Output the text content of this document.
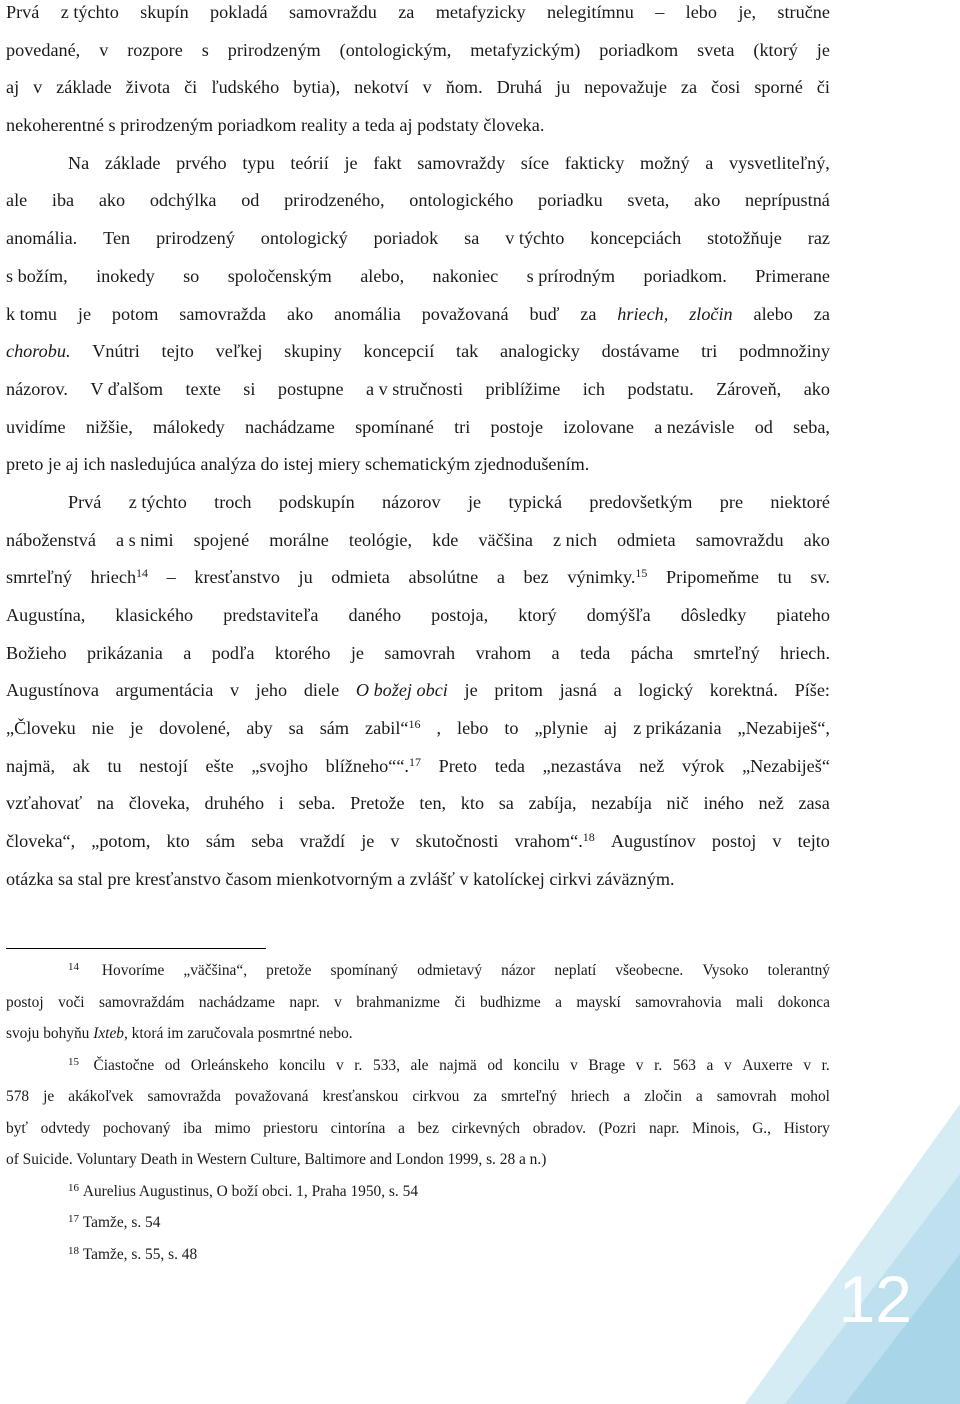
Prvá z týchto skupín pokladá samovraždu za metafyzicky nelegitímnu – lebo je, stručne
povedané, v rozpore s prirodzeným (ontologickým, metafyzickým) poriadkom sveta (ktorý je
aj v základe života či ľudského bytia), nekotví v ňom. Druhá ju nepovažuje za čosi sporné či
nekoherentné s prirodzeným poriadkom reality a teda aj podstaty človeka.
Na základe prvého typu teórií je fakt samovraždy síce fakticky možný a vysvetliteľný,
ale iba ako odchýlka od prirodzeného, ontologického poriadku sveta, ako neprípustná
anomália. Ten prirodzený ontologický poriadok sa v týchto koncepciách stotožňuje raz
s božím, inokedy so spoločenským alebo, nakoniec s prírodným poriadkom. Primerane
k tomu je potom samovražda ako anomália považovaná buď za hriech, zločin alebo za
chorobu. Vnútri tejto veľkej skupiny koncepcií tak analogicky dostávame tri podmnožiny
názorov. V ďalšom texte si postupne a v stručnosti priblížime ich podstatu. Zároveň, ako
uvidíme nižšie, málokedy nachádzame spomínané tri postoje izolovane a nezávisle od seba,
preto je aj ich nasledujúca analýza do istej miery schematickým zjednodušením.
Prvá z týchto troch podskupín názorov je typická predovšetkým pre niektoré
náboženstvá a s nimi spojené morálne teológie, kde väčšina z nich odmieta samovraždu ako
smrteľný hriech$^{14}$ – kresťanstvo ju odmieta absolútne a bez výnimky.$^{15}$ Pripomeňme tu sv.
Augustína, klasického predstaviteľa daného postoja, ktorý domýšľa dôsledky piateho
Božieho prikázania a podľa ktorého je samovrah vrahom a teda pácha smrteľný hriech.
Augustínova argumentácia v jeho diele O božej obci je pritom jasná a logický korektná. Píše:
„Človeku nie je dovolené, aby sa sám zabil“$^{16}$ , lebo to „plynie aj z prikázania „Nezabiješ“,
najmä, ak tu nestojí ešte „svojho blížneho““.$^{17}$ Preto teda „nezastáva než výrok „Nezabiješ“
vzťahovať na človeka, druhého i seba. Pretože ten, kto sa zabíja, nezabíja nič iného než zasa
človeka“, „potom, kto sám seba vraždí je v skutočnosti vrahom“.$^{18}$ Augustínov postoj v tejto
otázka sa stal pre kresťanstvo časom mienkotvorným a zvlášť v katolíckej cirkvi záväzným.
$^{14}$ Hovoríme „väčšina“, pretože spomínaný odmietavý názor neplatí všeobecne. Vysoko tolerantný
postoj voči samovraždám nachádzame napr. v brahmanizme či budhizme a mayskí samovrahovia mali dokonca
svoju bohyňu Ixteb, ktorá im zaručovala posmrtné nebo.
$^{15}$ Čiastočne od Orleánskeho koncilu v r. 533, ale najmä od koncilu v Brage v r. 563 a v Auxerre v r.
578 je akákoľvek samovražda považovaná kresťanskou cirkvou za smrteľný hriech a zločin a samovrah mohol
byť odvtedy pochovaný iba mimo priestoru cintorína a bez cirkevných obradov. (Pozri napr. Minois, G., History
of Suicide. Voluntary Death in Western Culture, Baltimore and London 1999, s. 28 a n.)
$^{16}$ Aurelius Augustinus, O boží obci. 1, Praha 1950, s. 54
$^{17}$ Tamže, s. 54
$^{18}$ Tamže, s. 55, s. 48
12
